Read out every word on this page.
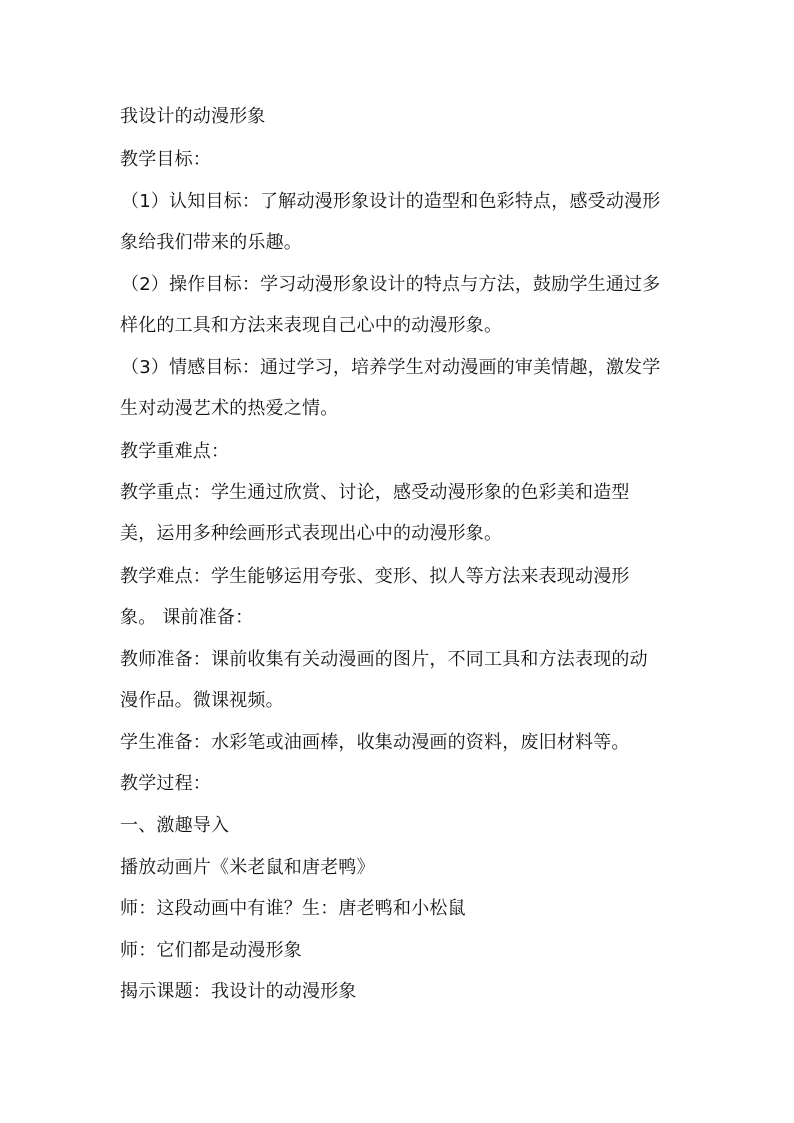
我设计的动漫形象
教学目标：
（1）认知目标：了解动漫形象设计的造型和色彩特点，感受动漫形
象给我们带来的乐趣。
（2）操作目标：学习动漫形象设计的特点与方法，鼓励学生通过多
样化的工具和方法来表现自己心中的动漫形象。
（3）情感目标：通过学习，培养学生对动漫画的审美情趣，激发学
生对动漫艺术的热爱之情。
教学重难点：
教学重点：学生通过欣赏、讨论，感受动漫形象的色彩美和造型
美，运用多种绘画形式表现出心中的动漫形象。
教学难点：学生能够运用夸张、变形、拟人等方法来表现动漫形
象。 课前准备：
教师准备：课前收集有关动漫画的图片，不同工具和方法表现的动
漫作品。微课视频。
学生准备：水彩笔或油画棒，收集动漫画的资料，废旧材料等。
教学过程：
一、激趣导入
播放动画片《米老鼠和唐老鸭》
师：这段动画中有谁？生：唐老鸭和小松鼠
师：它们都是动漫形象
揭示课题：我设计的动漫形象
